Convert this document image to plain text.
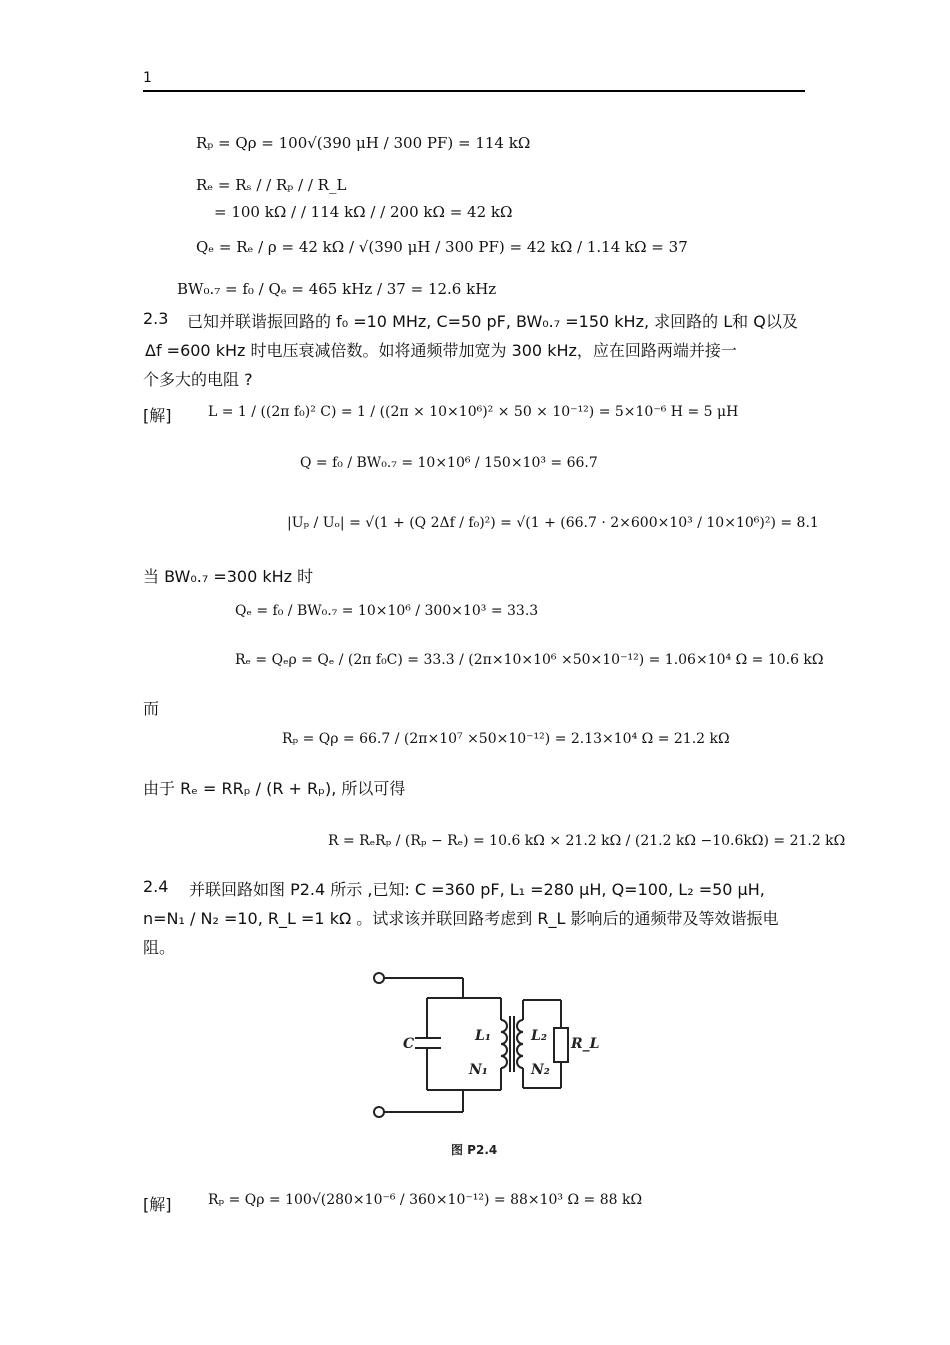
1
Rₚ = Qρ = 100√(390 μH / 300 PF) = 114 kΩ
Rₑ = Rₛ / / Rₚ / / R_L
= 100 kΩ / / 114 kΩ / / 200 kΩ = 42 kΩ
Qₑ = Rₑ / ρ = 42 kΩ / √(390 μH / 300 PF) = 42 kΩ / 1.14 kΩ = 37
BW₀.₇ = f₀ / Qₑ = 465 kHz / 37 = 12.6 kHz
2.3 已知并联谐振回路的 f₀ =10 MHz, C=50 pF, BW₀.₇ =150 kHz, 求回路的 L和 Q以及
Δf =600 kHz 时电压衰减倍数。如将通频带加宽为 300 kHz，应在回路两端并接一
个多大的电阻 ?
[解]	L = 1 / ((2π f₀)² C) = 1 / ((2π × 10×10⁶)² × 50 × 10⁻¹²) = 5×10⁻⁶ H = 5 μH
Q = f₀ / BW₀.₇ = 10×10⁶ / 150×10³ = 66.7
|Uₚ / Uₒ| = √(1 + (Q 2Δf / f₀)²) = √(1 + (66.7 · 2×600×10³ / 10×10⁶)²) = 8.1
当 BW₀.₇ =300 kHz 时
Qₑ = f₀ / BW₀.₇ = 10×10⁶ / 300×10³ = 33.3
Rₑ = Qₑρ = Qₑ / (2π f₀C) = 33.3 / (2π×10×10⁶ ×50×10⁻¹²) = 1.06×10⁴ Ω = 10.6 kΩ
而
Rₚ = Qρ = 66.7 / (2π×10⁷ ×50×10⁻¹²) = 2.13×10⁴ Ω = 21.2 kΩ
由于 Rₑ = RRₚ / (R + Rₚ), 所以可得
R = RₑRₚ / (Rₚ − Rₑ) = 10.6 kΩ × 21.2 kΩ / (21.2 kΩ −10.6kΩ) = 21.2 kΩ
2.4 并联回路如图 P2.4 所示 ,已知: C =360 pF, L₁ =280 μH, Q=100, L₂ =50 μH,
n=N₁ / N₂ =10, R_L =1 kΩ 。试求该并联回路考虑到 R_L 影响后的通频带及等效谐振电
阻。
C	L₁
N₁
L₂
N₂
R_L
图 P2.4
[解]	Rₚ = Qρ = 100√(280×10⁻⁶ / 360×10⁻¹²) = 88×10³ Ω = 88 kΩ
